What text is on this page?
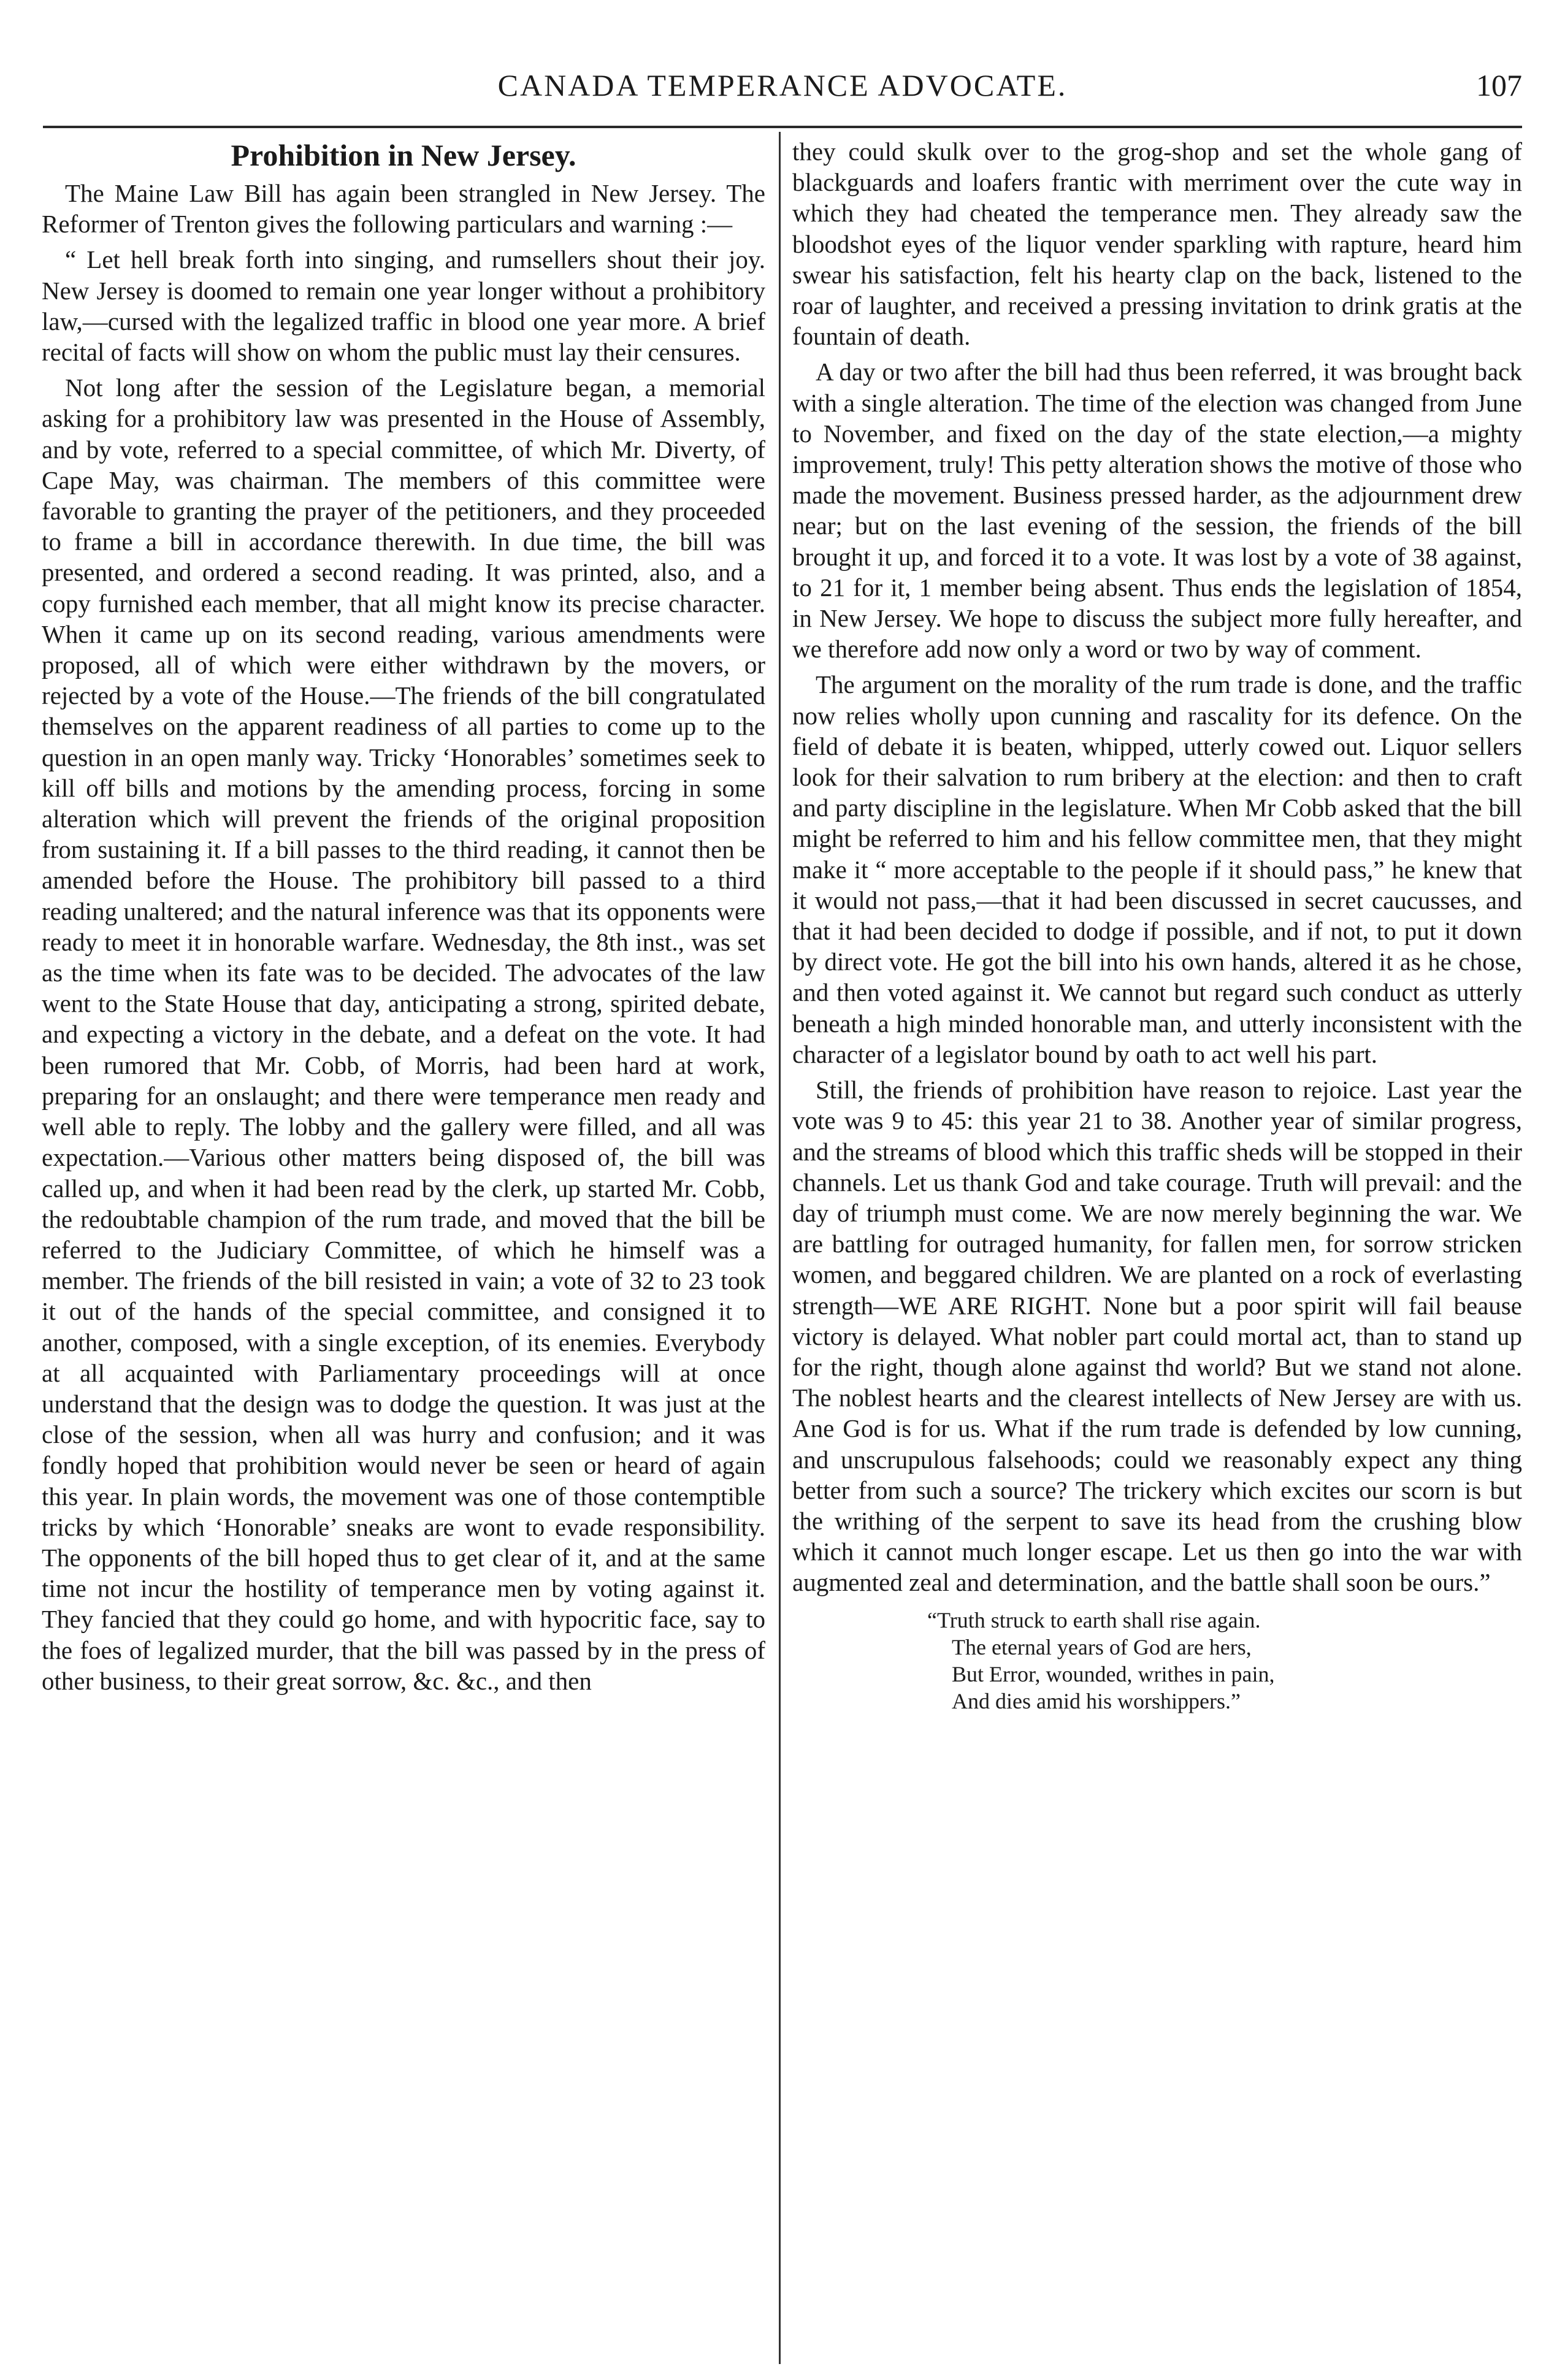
CANADA TEMPERANCE ADVOCATE.	107
Prohibition in New Jersey.

The Maine Law Bill has again been strangled in New Jersey. The Reformer of Trenton gives the following particulars and warning :—

“ Let hell break forth into singing, and rumsellers shout their joy. New Jersey is doomed to remain one year longer without a prohibitory law,—cursed with the legalized traffic in blood one year more. A brief recital of facts will show on whom the public must lay their censures.

Not long after the session of the Legislature began, a memorial asking for a prohibitory law was presented in the House of Assembly, and by vote, referred to a special committee, of which Mr. Diverty, of Cape May, was chairman. The members of this committee were favorable to granting the prayer of the petitioners, and they proceeded to frame a bill in accordance therewith. In due time, the bill was presented, and ordered a second reading. It was printed, also, and a copy furnished each member, that all might know its precise character. When it came up on its second reading, various amendments were proposed, all of which were either withdrawn by the movers, or rejected by a vote of the House.—The friends of the bill congratulated themselves on the apparent readiness of all parties to come up to the question in an open manly way. Tricky ‘Honorables’ sometimes seek to kill off bills and motions by the amending process, forcing in some alteration which will prevent the friends of the original proposition from sustaining it. If a bill passes to the third reading, it cannot then be amended before the House. The prohibitory bill passed to a third reading unaltered; and the natural inference was that its opponents were ready to meet it in honorable warfare. Wednesday, the 8th inst., was set as the time when its fate was to be decided. The advocates of the law went to the State House that day, anticipating a strong, spirited debate, and expecting a victory in the debate, and a defeat on the vote. It had been rumored that Mr. Cobb, of Morris, had been hard at work, preparing for an onslaught; and there were temperance men ready and well able to reply. The lobby and the gallery were filled, and all was expectation.—Various other matters being disposed of, the bill was called up, and when it had been read by the clerk, up started Mr. Cobb, the redoubtable champion of the rum trade, and moved that the bill be referred to the Judiciary Committee, of which he himself was a member. The friends of the bill resisted in vain; a vote of 32 to 23 took it out of the hands of the special committee, and consigned it to another, composed, with a single exception, of its enemies. Everybody at all acquainted with Parliamentary proceedings will at once understand that the design was to dodge the question. It was just at the close of the session, when all was hurry and confusion; and it was fondly hoped that prohibition would never be seen or heard of again this year. In plain words, the movement was one of those contemptible tricks by which ‘Honorable’ sneaks are wont to evade responsibility. The opponents of the bill hoped thus to get clear of it, and at the same time not incur the hostility of temperance men by voting against it. They fancied that they could go home, and with hypocritic face, say to the foes of legalized murder, that the bill was passed by in the press of other business, to their great sorrow, &c. &c., and then

they could skulk over to the grog-shop and set the whole gang of blackguards and loafers frantic with merriment over the cute way in which they had cheated the temperance men. They already saw the bloodshot eyes of the liquor vender sparkling with rapture, heard him swear his satisfaction, felt his hearty clap on the back, listened to the roar of laughter, and received a pressing invitation to drink gratis at the fountain of death.

A day or two after the bill had thus been referred, it was brought back with a single alteration. The time of the election was changed from June to November, and fixed on the day of the state election,—a mighty improvement, truly! This petty alteration shows the motive of those who made the movement. Business pressed harder, as the adjournment drew near; but on the last evening of the session, the friends of the bill brought it up, and forced it to a vote. It was lost by a vote of 38 against, to 21 for it, 1 member being absent. Thus ends the legislation of 1854, in New Jersey. We hope to discuss the subject more fully hereafter, and we therefore add now only a word or two by way of comment.

The argument on the morality of the rum trade is done, and the traffic now relies wholly upon cunning and rascality for its defence. On the field of debate it is beaten, whipped, utterly cowed out. Liquor sellers look for their salvation to rum bribery at the election: and then to craft and party discipline in the legislature. When Mr Cobb asked that the bill might be referred to him and his fellow committee men, that they might make it “ more acceptable to the people if it should pass,” he knew that it would not pass,—that it had been discussed in secret caucusses, and that it had been decided to dodge if possible, and if not, to put it down by direct vote. He got the bill into his own hands, altered it as he chose, and then voted against it. We cannot but regard such conduct as utterly beneath a high minded honorable man, and utterly inconsistent with the character of a legislator bound by oath to act well his part.

Still, the friends of prohibition have reason to rejoice. Last year the vote was 9 to 45: this year 21 to 38. Another year of similar progress, and the streams of blood which this traffic sheds will be stopped in their channels. Let us thank God and take courage. Truth will prevail: and the day of triumph must come. We are now merely beginning the war. We are battling for outraged humanity, for fallen men, for sorrow stricken women, and beggared children. We are planted on a rock of everlasting strength—WE ARE RIGHT. None but a poor spirit will fail beause victory is delayed. What nobler part could mortal act, than to stand up for the right, though alone against thd world? But we stand not alone. The noblest hearts and the clearest intellects of New Jersey are with us. Ane God is for us. What if the rum trade is defended by low cunning, and unscrupulous falsehoods; could we reasonably expect any thing better from such a source? The trickery which excites our scorn is but the writhing of the serpent to save its head from the crushing blow which it cannot much longer escape. Let us then go into the war with augmented zeal and determination, and the battle shall soon be ours.”

“Truth struck to earth shall rise again.
The eternal years of God are hers,
But Error, wounded, writhes in pain,
And dies amid his worshippers.”
